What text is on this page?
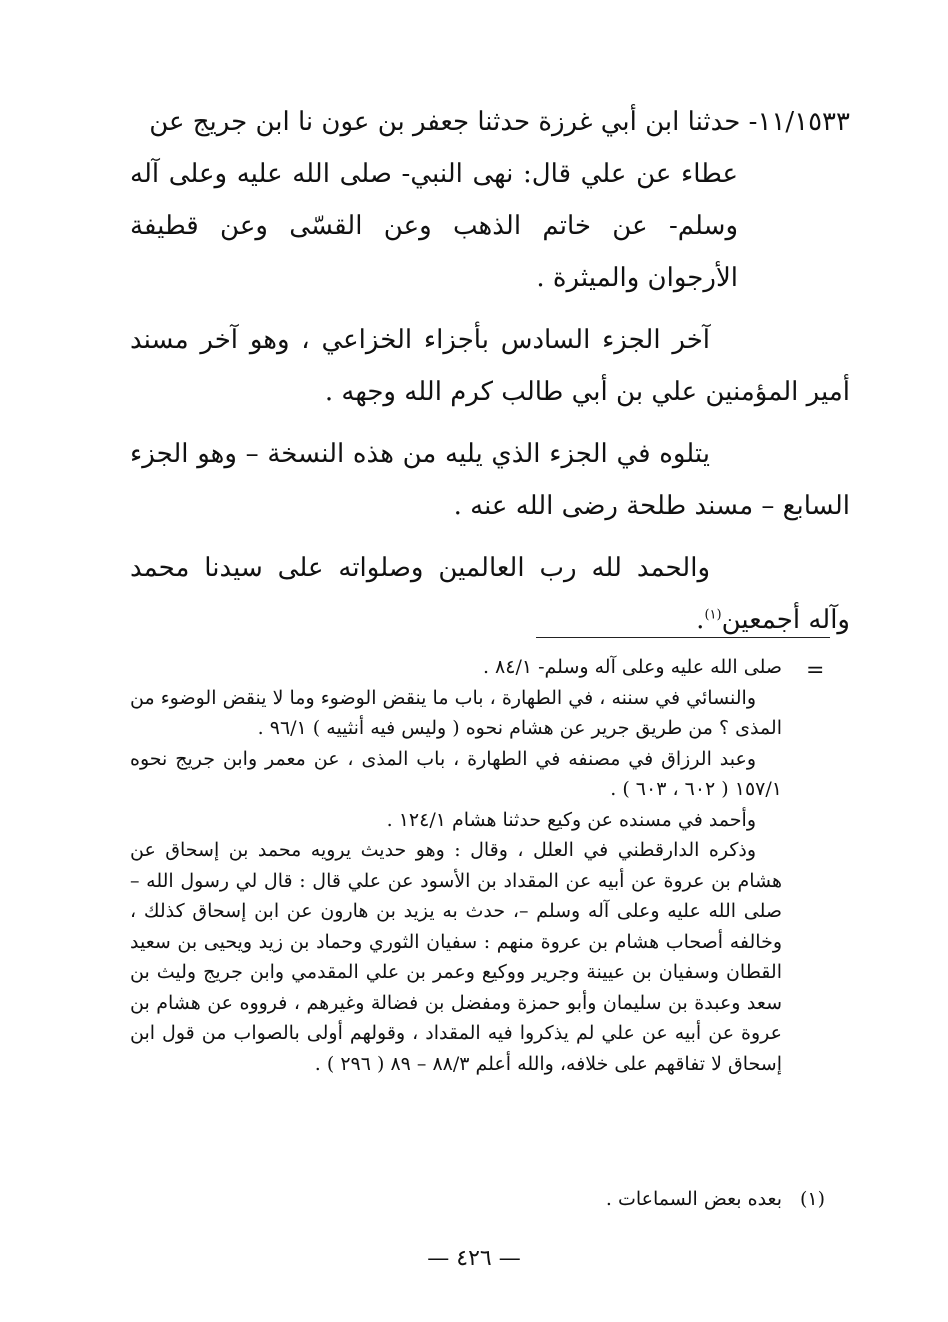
١١/١٥٣٣- حدثنا ابن أبي غرزة حدثنا جعفر بن عون نا ابن جريج عن

عطاء عن علي قال: نهى النبي- صلى الله عليه وعلى آله وسلم- عن خاتم الذهب وعن القسّى وعن قطيفة الأرجوان والميثرة .

آخر الجزء السادس بأجزاء الخزاعي ، وهو آخر مسند أمير المؤمنين علي بن أبي طالب كرم الله وجهه .

يتلوه في الجزء الذي يليه من هذه النسخة – وهو الجزء السابع – مسند طلحة رضى الله عنه .

والحمد لله رب العالمين وصلواته على سيدنا محمد وآله أجمعين$^{(١)}$.

=

صلى الله عليه وعلى آله وسلم- ٨٤/١ .

والنسائي في سننه ، في الطهارة ، باب ما ينقض الوضوء وما لا ينقض الوضوء من المذى ؟ من طريق جرير عن هشام نحوه ( وليس فيه أنثييه ) ٩٦/١ .

وعبد الرزاق في مصنفه في الطهارة ، باب المذى ، عن معمر وابن جريج نحوه ١٥٧/١ ( ٦٠٢ ، ٦٠٣ ) .

وأحمد في مسنده عن وكيع حدثنا هشام ١٢٤/١ .

وذكره الدارقطني في العلل ، وقال : وهو حديث يرويه محمد بن إسحاق عن هشام بن عروة عن أبيه عن المقداد بن الأسود عن علي قال : قال لي رسول الله – صلى الله عليه وعلى آله وسلم –، حدث به يزيد بن هارون عن ابن إسحاق كذلك ، وخالفه أصحاب هشام بن عروة منهم : سفيان الثوري وحماد بن زيد ويحيى بن سعيد القطان وسفيان بن عيينة وجرير ووكيع وعمر بن علي المقدمي وابن جريج وليث بن سعد وعبدة بن سليمان وأبو حمزة ومفضل بن فضالة وغيرهم ، فرووه عن هشام بن عروة عن أبيه عن علي لم يذكروا فيه المقداد ، وقولهم أولى بالصواب من قول ابن إسحاق لا تفاقهم على خلافه، والله أعلم ٨٨/٣ – ٨٩ ( ٢٩٦ ) .

(١)
بعده بعض السماعات .
— ٤٢٦ —
